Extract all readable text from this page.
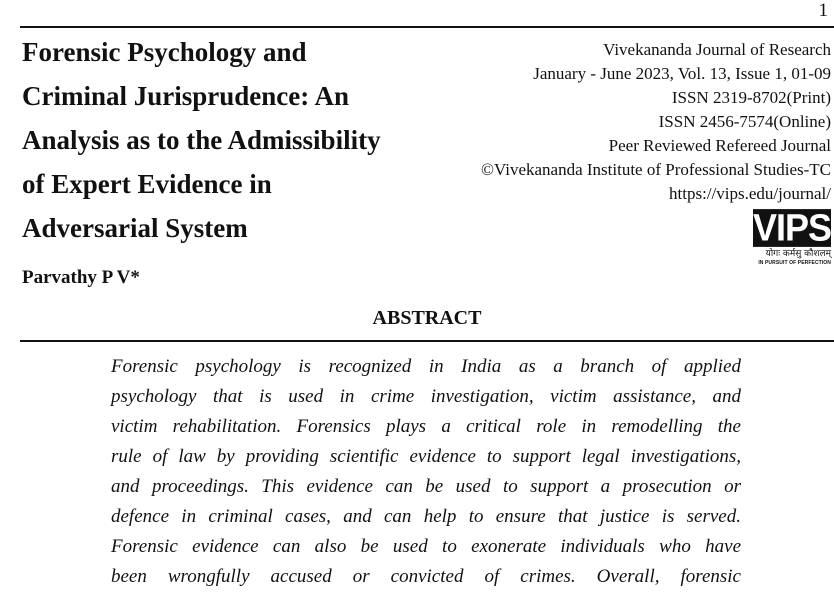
1
Forensic Psychology and
Criminal Jurisprudence: An
Analysis as to the Admissibility
of Expert Evidence in
Adversarial System
Vivekananda Journal of Research
January - June 2023, Vol. 13, Issue 1, 01-09
ISSN 2319-8702(Print)
ISSN 2456-7574(Online)
Peer Reviewed Refereed Journal
©Vivekananda Institute of Professional Studies-TC
https://vips.edu/journal/
VIPS
योगः कर्मसु कौशलम्
IN PURSUIT OF PERFECTION
Parvathy P V*
ABSTRACT
Forensic psychology is recognized in India as a branch of applied
psychology that is used in crime investigation, victim assistance, and
victim rehabilitation. Forensics plays a critical role in remodelling the
rule of law by providing scientific evidence to support legal investigations,
and proceedings. This evidence can be used to support a prosecution or
defence in criminal cases, and can help to ensure that justice is served.
Forensic evidence can also be used to exonerate individuals who have
been wrongfully accused or convicted of crimes. Overall, forensic
